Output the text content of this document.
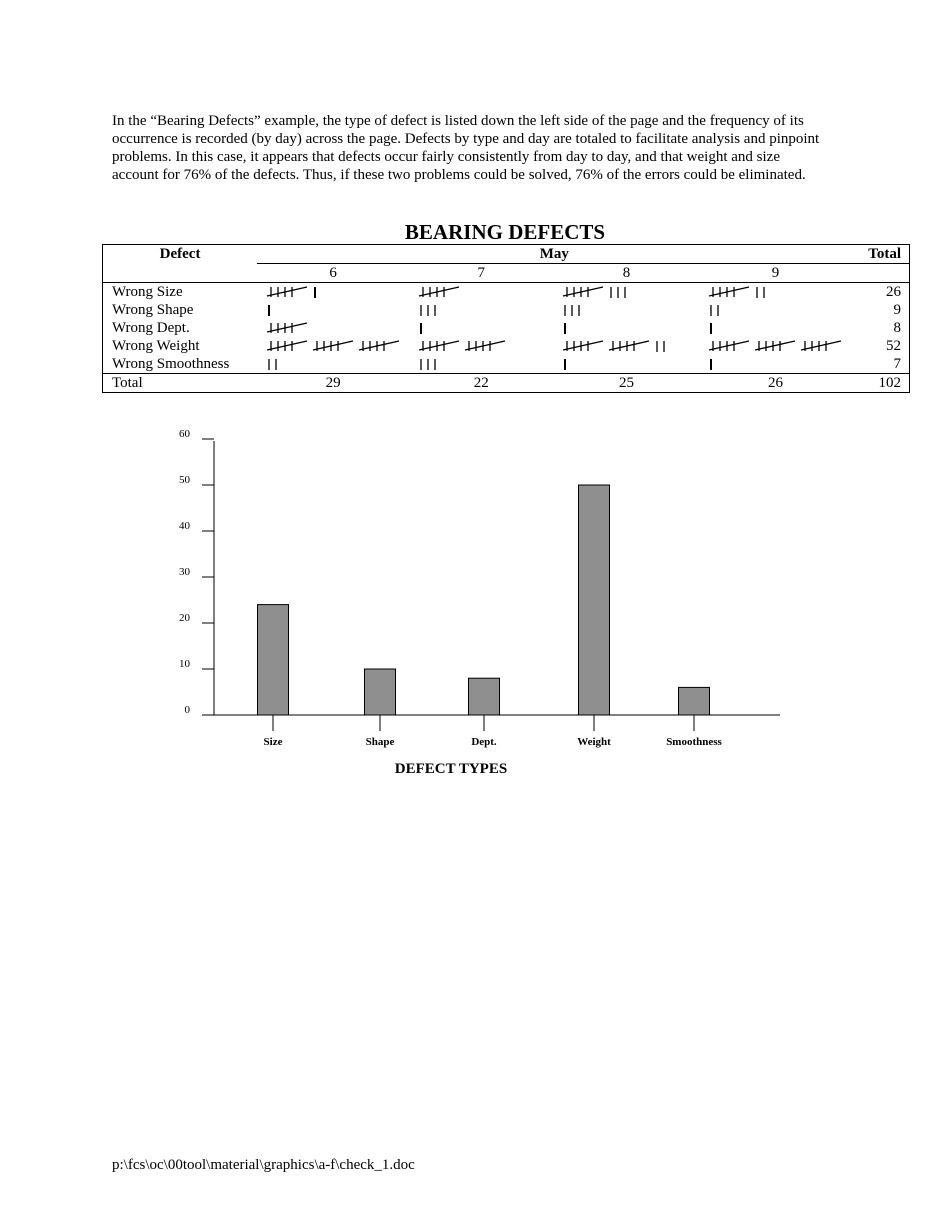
In the “Bearing Defects” example, the type of defect is listed down the left side of the page and the frequency of its occurrence is recorded (by day) across the page. Defects by type and day are totaled to facilitate analysis and pinpoint problems. In this case, it appears that defects occur fairly consistently from day to day, and that weight and size account for 76% of the defects. Thus, if these two problems could be solved, 76% of the errors could be eliminated.

BEARING DEFECTS
Defect	May				Total
	6	7	8	9	
Wrong Size					26
Wrong Shape					9
Wrong Dept.					8
Wrong Weight					52
Wrong Smoothness					7
Total	29	22	25	26	102
0
10
20
30
40
50
60
Size	Shape	Dept.	Weight	Smoothness
DEFECT TYPES

p:\fcs\oc\00tool\material\graphics\a-f\check_1.doc
